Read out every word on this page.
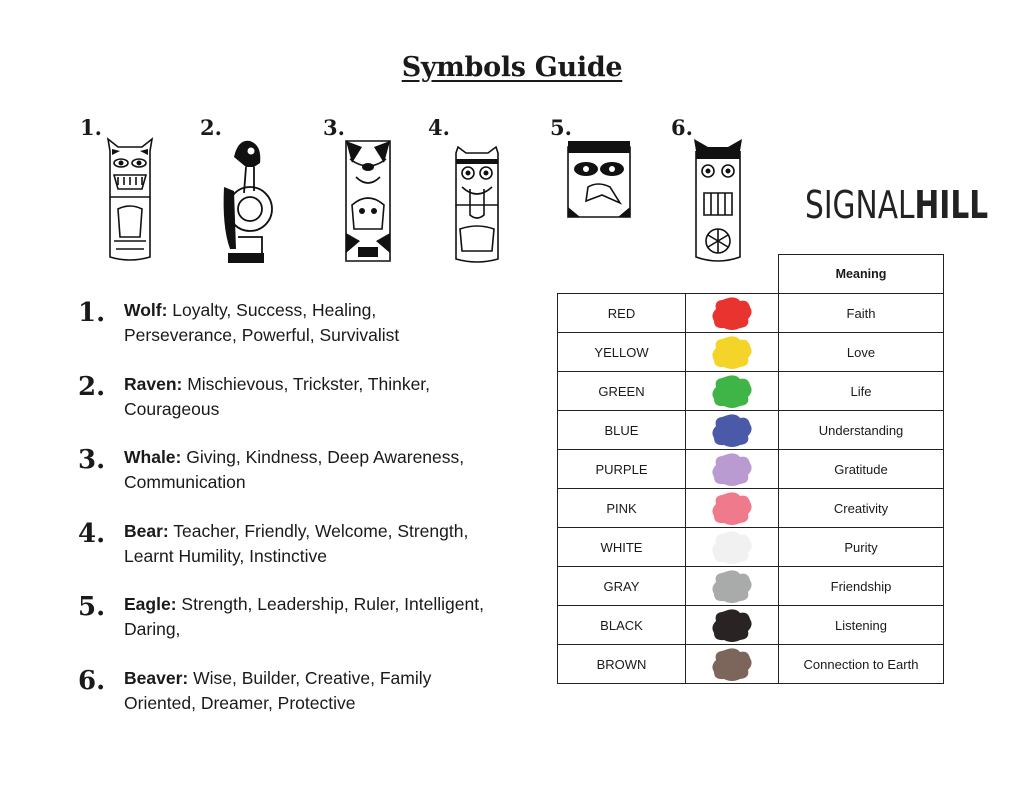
Symbols Guide
1.	2.	3.	4.	5.	6.
SIGNALHILL
1. Wolf: Loyalty, Success, Healing, Perseverance, Powerful, Survivalist
2. Raven: Mischievous, Trickster, Thinker, Courageous
3. Whale: Giving, Kindness, Deep Awareness, Communication
4. Bear: Teacher, Friendly, Welcome, Strength, Learnt Humility, Instinctive
5. Eagle: Strength, Leadership, Ruler, Intelligent, Daring,
6. Beaver: Wise, Builder, Creative, Family Oriented, Dreamer, Protective
		Meaning
RED		Faith
YELLOW		Love
GREEN		Life
BLUE		Understanding
PURPLE		Gratitude
PINK		Creativity
WHITE		Purity
GRAY		Friendship
BLACK		Listening
BROWN		Connection to Earth
